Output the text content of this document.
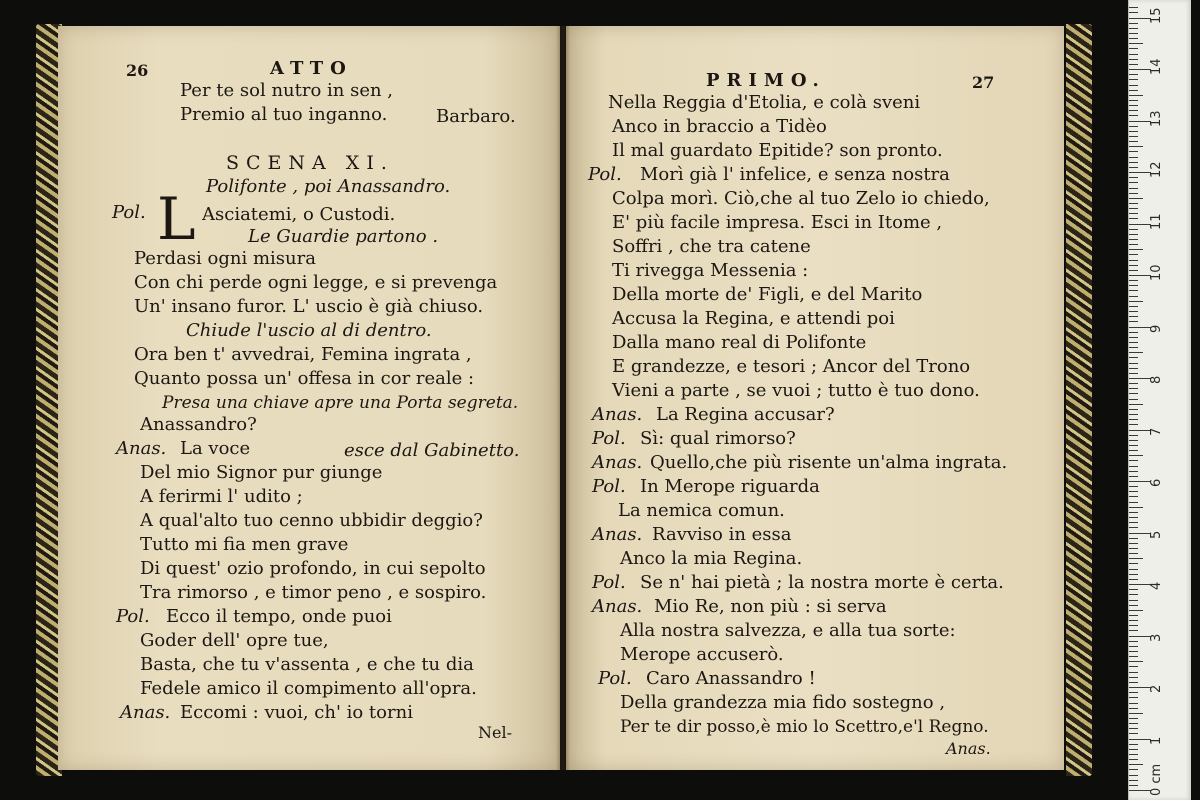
26	ATTO
Per te sol nutro in sen ,
Premio al tuo inganno.	Barbaro.
SCENA XI.
Polifonte , poi Anassandro.
Pol. L Asciatemi, o Custodi.
Le Guardie partono .
Perdasi ogni misura
Con chi perde ogni legge, e si prevenga
Un' insano furor. L' uscio è già chiuso.
Chiude l'uscio al di dentro.
Ora ben t' avvedrai, Femina ingrata ,
Quanto possa un' offesa in cor reale :
Presa una chiave apre una Porta segreta.
Anassandro?
Anas. La voce	esce dal Gabinetto.
Del mio Signor pur giunge
A ferirmi l' udito ;
A qual'alto tuo cenno ubbidir deggio?
Tutto mi fia men grave
Di quest' ozio profondo, in cui sepolto
Tra rimorso , e timor peno , e sospiro.
Pol. Ecco il tempo, onde puoi
Goder dell' opre tue,
Basta, che tu v'assenta , e che tu dia
Fedele amico il compimento all'opra.
Anas. Eccomi : vuoi, ch' io torni
Nel-
PRIMO.	27
Nella Reggia d'Etolia, e colà sveni
Anco in braccio a Tidèo
Il mal guardato Epitide? son pronto.
Pol. Morì già l' infelice, e senza nostra
Colpa morì. Ciò,che al tuo Zelo io chiedo,
E' più facile impresa. Esci in Itome ,
Soffri , che tra catene
Ti rivegga Messenia :
Della morte de' Figli, e del Marito
Accusa la Regina, e attendi poi
Dalla mano real di Polifonte
E grandezze, e tesori ; Ancor del Trono
Vieni a parte , se vuoi ; tutto è tuo dono.
Anas. La Regina accusar?
Pol. Sì: qual rimorso?
Anas. Quello,che più risente un'alma ingrata.
Pol. In Merope riguarda
La nemica comun.
Anas. Ravviso in essa
Anco la mia Regina.
Pol. Se n' hai pietà ; la nostra morte è certa.
Anas. Mio Re, non più : si serva
Alla nostra salvezza, e alla tua sorte:
Merope accuserò.
Pol. Caro Anassandro !
Della grandezza mia fido sostegno ,
Per te dir posso,è mio lo Scettro,e'l Regno.
Anas.
0 cm
1
2
3
4
5
6
7
8
9
10
11
12
13
14
15
